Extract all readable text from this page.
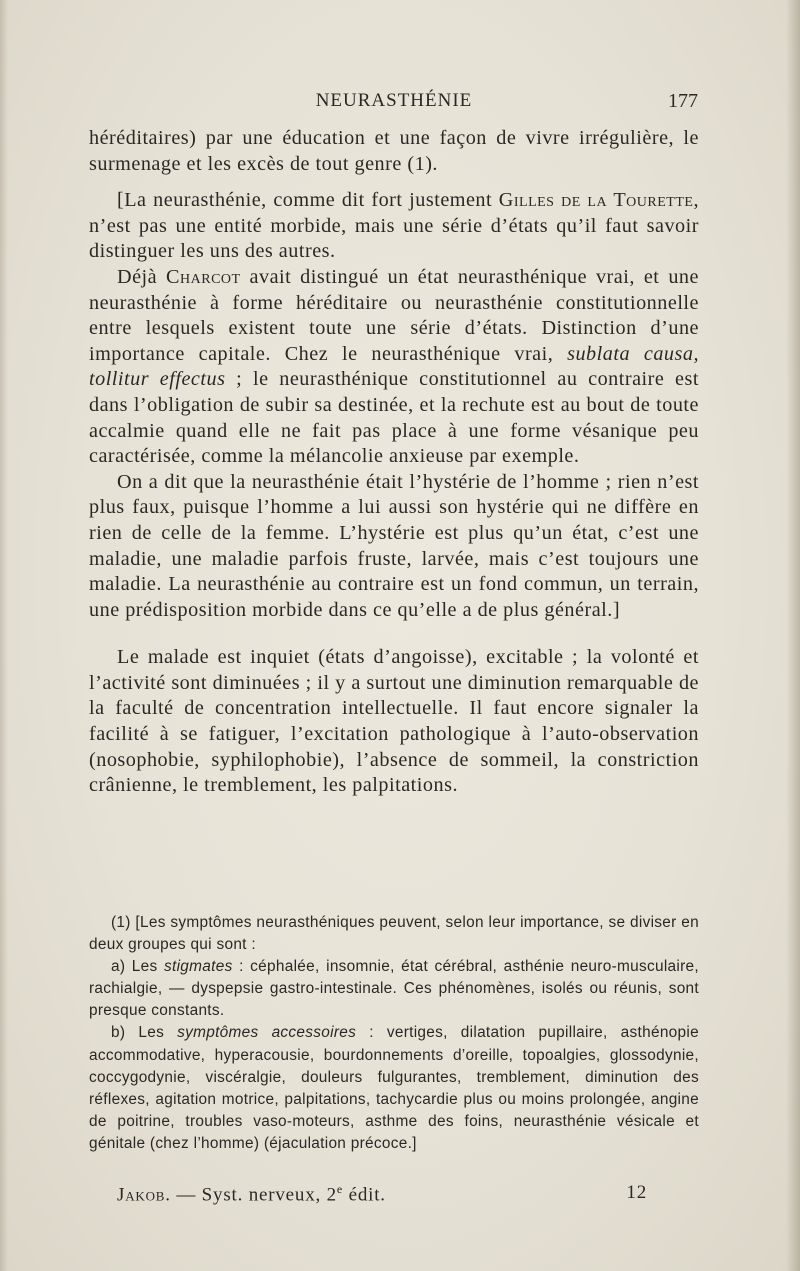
NEURASTHÉNIE	177

héréditaires) par une éducation et une façon de vivre irrégulière, le surmenage et les excès de tout genre (1).

[La neurasthénie, comme dit fort justement Gilles de la Tourette, n’est pas une entité morbide, mais une série d’états qu’il faut savoir distinguer les uns des autres.

Déjà Charcot avait distingué un état neurasthénique vrai, et une neurasthénie à forme héréditaire ou neurasthénie constitutionnelle entre lesquels existent toute une série d’états. Distinction d’une importance capitale. Chez le neurasthénique vrai, sublata causa, tollitur effectus ; le neurasthénique constitutionnel au contraire est dans l’obligation de subir sa destinée, et la rechute est au bout de toute accalmie quand elle ne fait pas place à une forme vésanique peu caractérisée, comme la mélancolie anxieuse par exemple.

On a dit que la neurasthénie était l’hystérie de l’homme ; rien n’est plus faux, puisque l’homme a lui aussi son hystérie qui ne diffère en rien de celle de la femme. L’hystérie est plus qu’un état, c’est une maladie, une maladie parfois fruste, larvée, mais c’est toujours une maladie. La neurasthénie au contraire est un fond commun, un terrain, une prédisposition morbide dans ce qu’elle a de plus général.]

Le malade est inquiet (états d’angoisse), excitable ; la volonté et l’activité sont diminuées ; il y a surtout une diminution remarquable de la faculté de concentration intellectuelle. Il faut encore signaler la facilité à se fatiguer, l’excitation pathologique à l’auto-observation (nosophobie, syphilophobie), l’absence de sommeil, la constriction crânienne, le tremblement, les palpitations.

(1) [Les symptômes neurasthéniques peuvent, selon leur importance, se diviser en deux groupes qui sont :

a) Les stigmates : céphalée, insomnie, état cérébral, asthénie neuro-musculaire, rachialgie, — dyspepsie gastro-intestinale. Ces phénomènes, isolés ou réunis, sont presque constants.

b) Les symptômes accessoires : vertiges, dilatation pupillaire, asthénopie accommodative, hyperacousie, bourdonnements d’oreille, topoalgies, glossodynie, coccygodynie, viscéralgie, douleurs fulgurantes, tremblement, diminution des réflexes, agitation motrice, palpitations, tachycardie plus ou moins prolongée, angine de poitrine, troubles vaso-moteurs, asthme des foins, neurasthénie vésicale et génitale (chez l’homme) (éjaculation précoce.]

Jakob. — Syst. nerveux, 2e édit.	12
